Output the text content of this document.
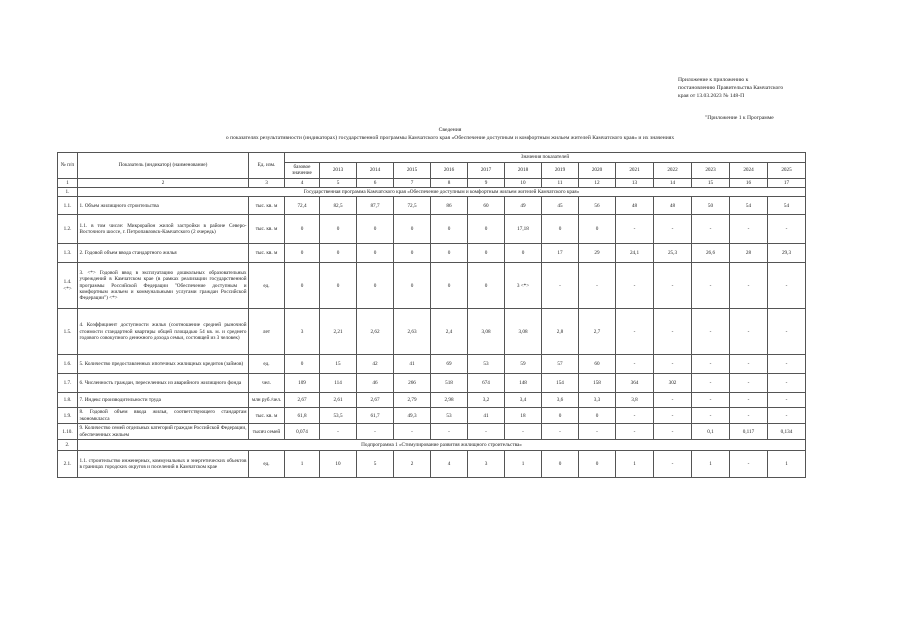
Приложение к приложению к
постановлению Правительства Камчатского
края от 13.03.2023 № 148-П
"Приложение 1 к Программе
Сведения
о показателях результативности (индикаторах) государственной программы Камчатского края «Обеспечение доступным и комфортным жильем жителей Камчатского края» и их значениях
№ п/п	Показатель (индикатор) (наименование)	Ед. изм.	Значения показателей													
			базовое значение	2013	2014	2015	2016	2017	2018	2019	2020	2021	2022	2023	2024	2025
1	2	3	4	5	6	7	8	9	10	11	12	13	14	15	16	17
1.	Государственная программа Камчатского края «Обеспечение доступным и комфортным жильем жителей Камчатского края»															
1.1.	1. Объем жилищного строительства	тыс. кв. м	72,4	82,5	87,7	72,5	86	60	49	45	56	48	48	50	54	54
1.2.	1.1. в том числе: Микрорайон жилой застройки в районе Северо-Восточного шоссе, г. Петропавловск-Камчатского (2 очередь)	тыс. кв. м	0	0	0	0	0	0	17,18	0	0	-	-	-	-	-
1.3.	2. Годовой объем ввода стандартного жилья	тыс. кв. м	0	0	0	0	0	0	0	17	29	24,1	25,3	26,6	28	29,3
1.4. <*>	3. <*> Годовой ввод в эксплуатацию дошкольных образовательных учреждений в Камчатском крае (в рамках реализации государственной программы Российской Федерации "Обеспечение доступным и комфортным жильем и коммунальными услугами граждан Российской Федерации") <*>	ед.	0	0	0	0	0	0	3 <*>	-	-	-	-	-	-	-
1.5.	4. Коэффициент доступности жилья (соотношение средней рыночной стоимости стандартной квартиры общей площадью 54 кв. м. и среднего годового совокупного денежного дохода семьи, состоящей из 3 человек)	лет	3	2,21	2,62	2,63	2,4	3,08	3,08	2,8	2,7	-	-	-	-	-
1.6.	5. Количество предоставленных ипотечных жилищных кредитов (займов)	ед.	0	15	42	41	69	53	59	57	60	-	-	-	-	-
1.7.	6. Численность граждан, переселенных из аварийного жилищного фонда	чел.	109	114	46	266	518	674	148	154	158	364	302	-	-	-
1.8.	7. Индекс производительности труда	млн руб./чел.	2,67	2,61	2,67	2,79	2,98	3,2	3,4	3,6	3,3	3,8	-	-	-	-
1.9.	8. Годовой объем ввода жилья, соответствующего стандартам экономкласса	тыс. кв. м	61,8	53,5	61,7	49,3	53	41	18	0	0	-	-	-	-	-
1.10.	9. Количество семей отдельных категорий граждан Российской Федерации, обеспеченных жильем	тысяч семей	0,074	-	-	-	-	-	-	-	-	-	-	0,1	0,117	0,134
2.	Подпрограмма 1 «Стимулирование развития жилищного строительства»															
2.1.	1.1. строительство инженерных, коммунальных и энергетических объектов в границах городских округов и поселений в Камчатском крае	ед.	1	10	5	2	4	3	1	0	0	1	-	1	-	1
